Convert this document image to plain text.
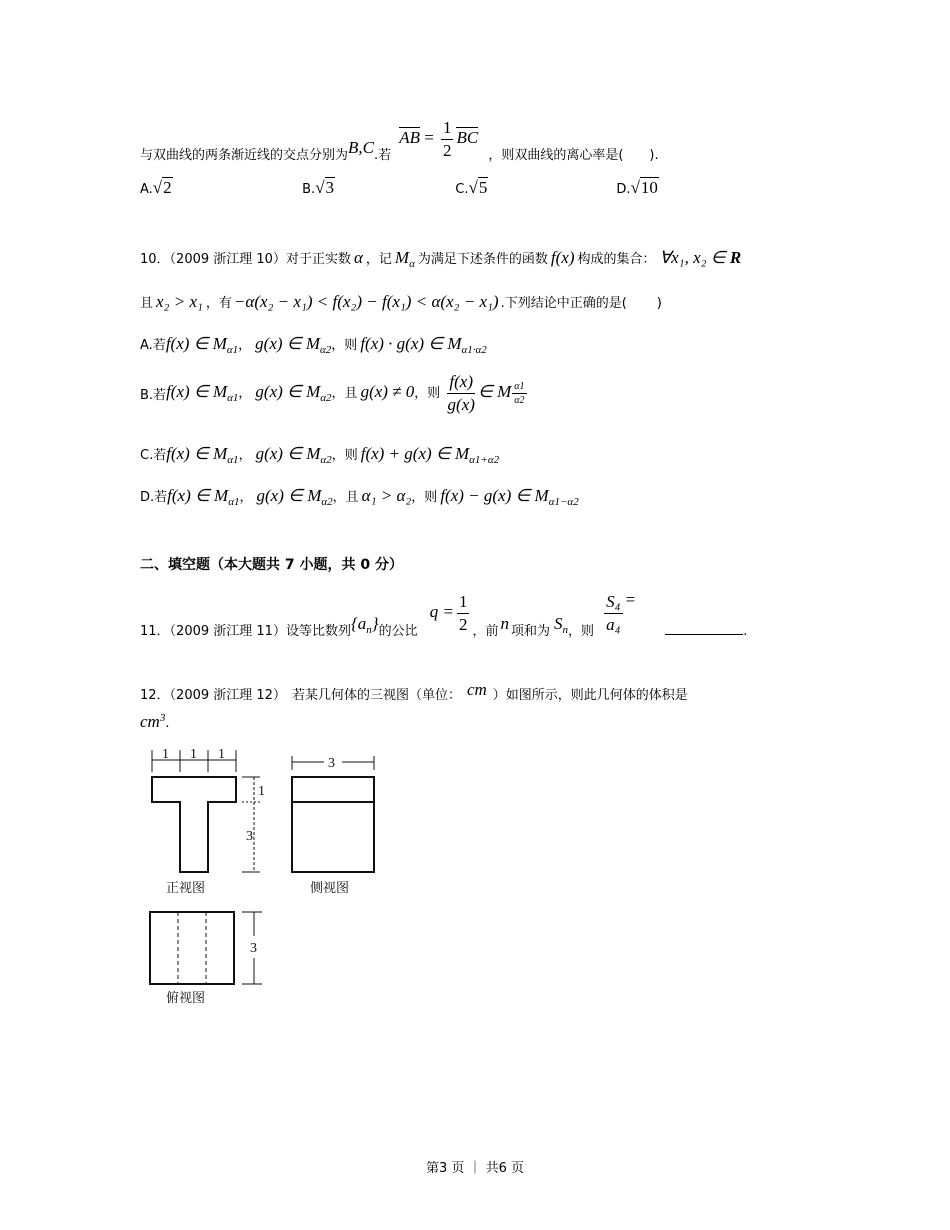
与双曲线的两条渐近线的交点分别为B,C.若 AB = $\frac{1}{2}$ BC ，则双曲线的离心率是( ).
A.√2	B.√3	C.√5	D.√10
10．（2009 浙江理 10）对于正实数 α ，记 $M_\alpha$ 为满足下述条件的函数 f(x) 构成的集合： ∀x₁, x₂ ∈ R
且 x₂ > x₁ ，有 −α(x₂ − x₁) < f(x₂) − f(x₁) < α(x₂ − x₁) .下列结论中正确的是( )
A.若f(x) ∈ $M_{\alpha 1}$， g(x) ∈ $M_{\alpha 2}$，则 f(x) · g(x) ∈ $M_{\alpha 1\cdot\alpha 2}$
B.若f(x) ∈ $M_{\alpha 1}$， g(x) ∈ $M_{\alpha 2}$，且 g(x) ≠ 0，则 $\frac{f(x)}{g(x)}$ ∈ M $\frac{\alpha 1}{\alpha 2}$
C.若f(x) ∈ $M_{\alpha 1}$， g(x) ∈ $M_{\alpha 2}$，则 f(x) + g(x) ∈ $M_{\alpha 1+\alpha 2}$
D.若f(x) ∈ $M_{\alpha 1}$， g(x) ∈ $M_{\alpha 2}$，且 α₁ > α₂，则 f(x) − g(x) ∈ $M_{\alpha 1-\alpha 2}$
二、填空题（本大题共 7 小题，共 0 分）
11．（2009 浙江理 11）设等比数列$\{a_n\}$的公比 $q = \frac{1}{2}$ ，前 n 项和为 $S_n$，则 $\frac{\text{S₄}}{\text{a₄}}$ =.
12．（2009 浙江理 12） 若某几何体的三视图（单位： cm ）如图所示，则此几何体的体积是
$cm^3$.
1 1 1
1
3
正视图
3
侧视图
3
俯视图
第3 页 ｜ 共6 页
